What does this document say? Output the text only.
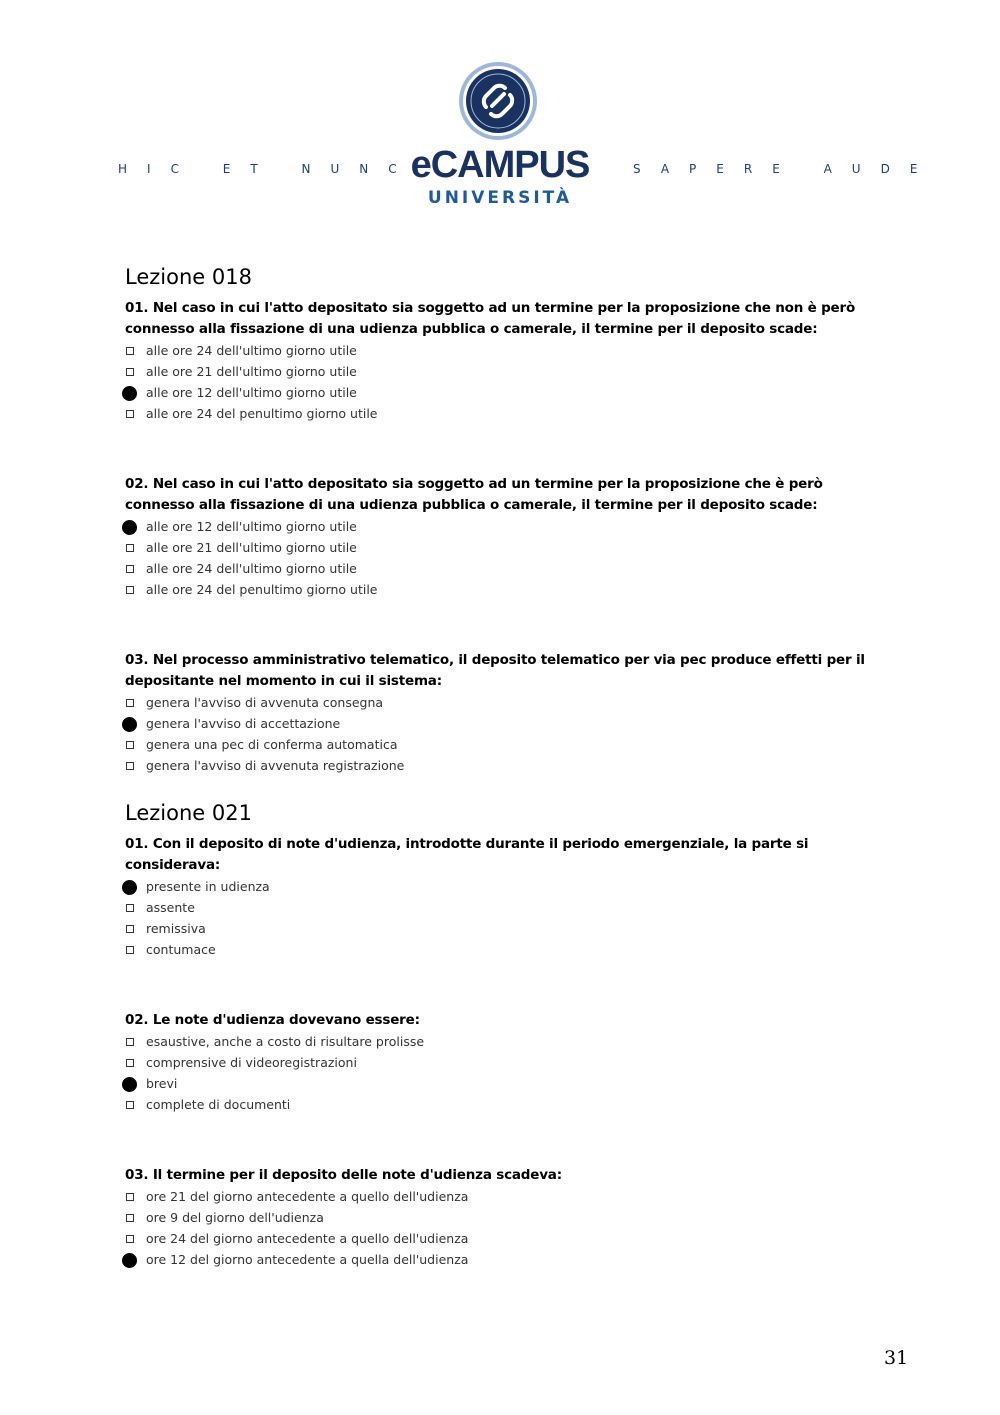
HIC ET NUNC
eCAMPUS
UNIVERSITÀ
SAPERE AUDE
Lezione 018

01. Nel caso in cui l'atto depositato sia soggetto ad un termine per la proposizione che non è però connesso alla fissazione di una udienza pubblica o camerale, il termine per il deposito scade:

alle ore 24 dell'ultimo giorno utile
alle ore 21 dell'ultimo giorno utile
alle ore 12 dell'ultimo giorno utile
alle ore 24 del penultimo giorno utile

02. Nel caso in cui l'atto depositato sia soggetto ad un termine per la proposizione che è però connesso alla fissazione di una udienza pubblica o camerale, il termine per il deposito scade:

alle ore 12 dell'ultimo giorno utile
alle ore 21 dell'ultimo giorno utile
alle ore 24 dell'ultimo giorno utile
alle ore 24 del penultimo giorno utile

03. Nel processo amministrativo telematico, il deposito telematico per via pec produce effetti per il depositante nel momento in cui il sistema:

genera l'avviso di avvenuta consegna
genera l'avviso di accettazione
genera una pec di conferma automatica
genera l'avviso di avvenuta registrazione
Lezione 021

01. Con il deposito di note d'udienza, introdotte durante il periodo emergenziale, la parte si considerava:

presente in udienza
assente
remissiva
contumace

02. Le note d'udienza dovevano essere:

esaustive, anche a costo di risultare prolisse
comprensive di videoregistrazioni
brevi
complete di documenti

03. Il termine per il deposito delle note d'udienza scadeva:

ore 21 del giorno antecedente a quello dell'udienza
ore 9 del giorno dell'udienza
ore 24 del giorno antecedente a quello dell'udienza
ore 12 del giorno antecedente a quella dell'udienza
31
